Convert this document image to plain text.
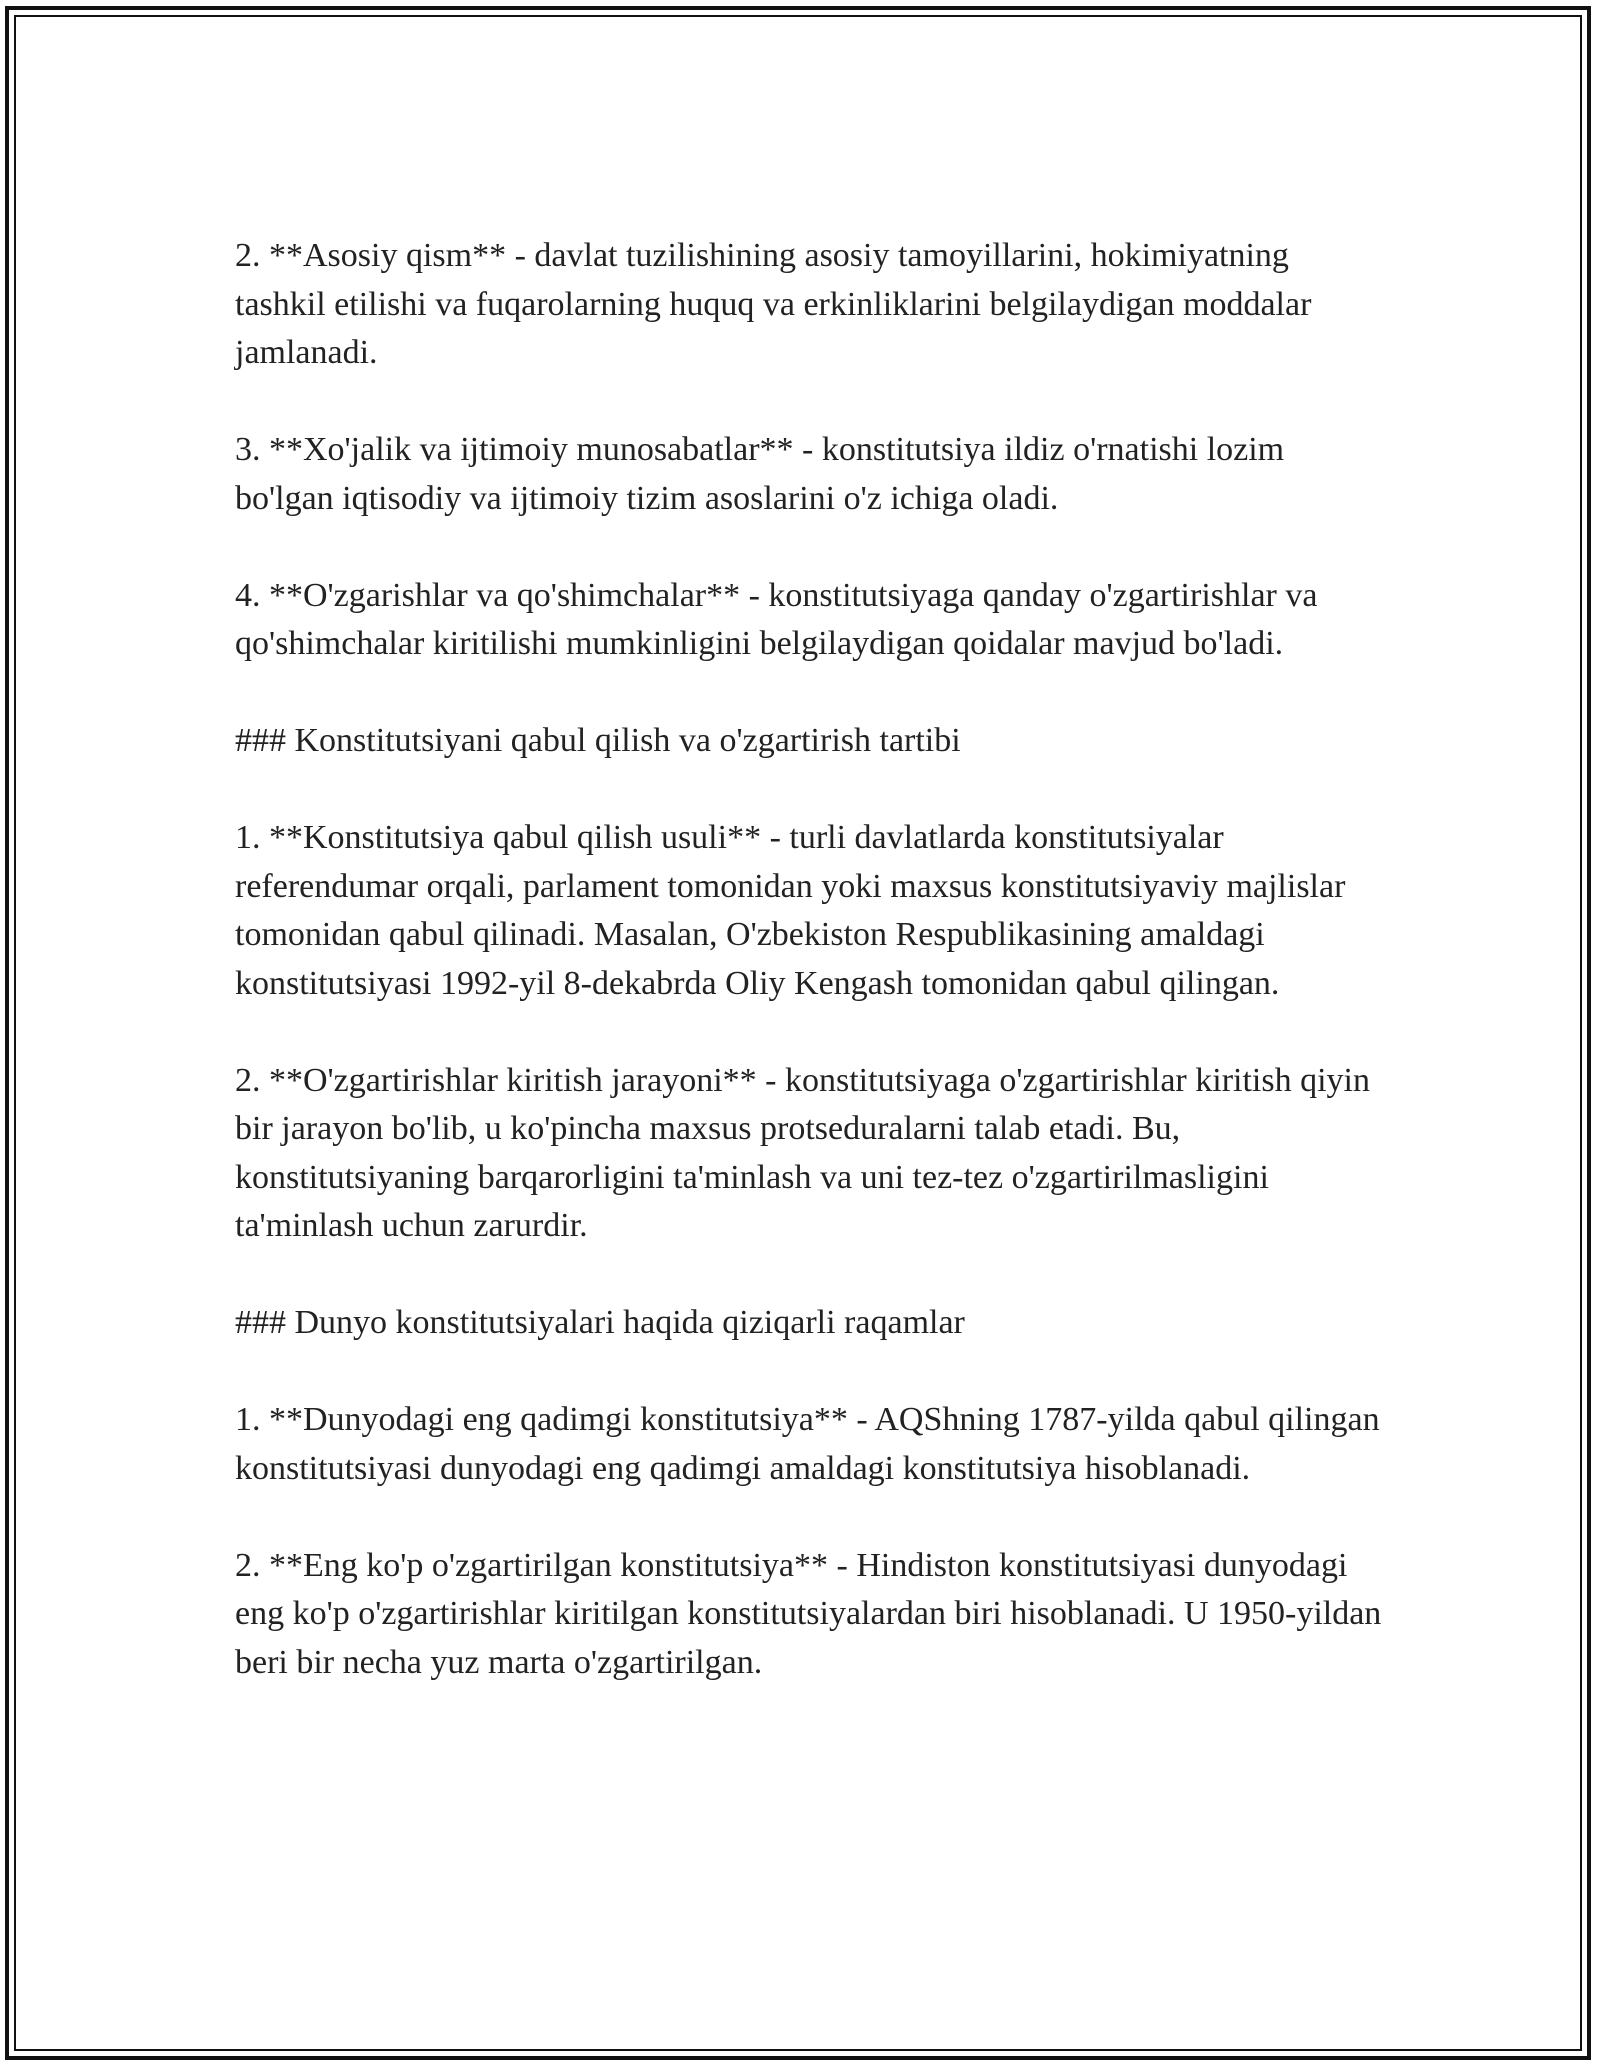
2. **Asosiy qism** - davlat tuzilishining asosiy tamoyillarini, hokimiyatning tashkil etilishi va fuqarolarning huquq va erkinliklarini belgilaydigan moddalar jamlanadi.

3. **Xo'jalik va ijtimoiy munosabatlar** - konstitutsiya ildiz o'rnatishi lozim bo'lgan iqtisodiy va ijtimoiy tizim asoslarini o'z ichiga oladi.

4. **O'zgarishlar va qo'shimchalar** - konstitutsiyaga qanday o'zgartirishlar va qo'shimchalar kiritilishi mumkinligini belgilaydigan qoidalar mavjud bo'ladi.

### Konstitutsiyani qabul qilish va o'zgartirish tartibi

1. **Konstitutsiya qabul qilish usuli** - turli davlatlarda konstitutsiyalar referendumar orqali, parlament tomonidan yoki maxsus konstitutsiyaviy majlislar tomonidan qabul qilinadi. Masalan, O'zbekiston Respublikasining amaldagi konstitutsiyasi 1992-yil 8-dekabrda Oliy Kengash tomonidan qabul qilingan.

2. **O'zgartirishlar kiritish jarayoni** - konstitutsiyaga o'zgartirishlar kiritish qiyin bir jarayon bo'lib, u ko'pincha maxsus protseduralarni talab etadi. Bu, konstitutsiyaning barqarorligini ta'minlash va uni tez-tez o'zgartirilmasligini ta'minlash uchun zarurdir.

### Dunyo konstitutsiyalari haqida qiziqarli raqamlar

1. **Dunyodagi eng qadimgi konstitutsiya** - AQShning 1787-yilda qabul qilingan konstitutsiyasi dunyodagi eng qadimgi amaldagi konstitutsiya hisoblanadi.

2. **Eng ko'p o'zgartirilgan konstitutsiya** - Hindiston konstitutsiyasi dunyodagi eng ko'p o'zgartirishlar kiritilgan konstitutsiyalardan biri hisoblanadi. U 1950-yildan beri bir necha yuz marta o'zgartirilgan.
